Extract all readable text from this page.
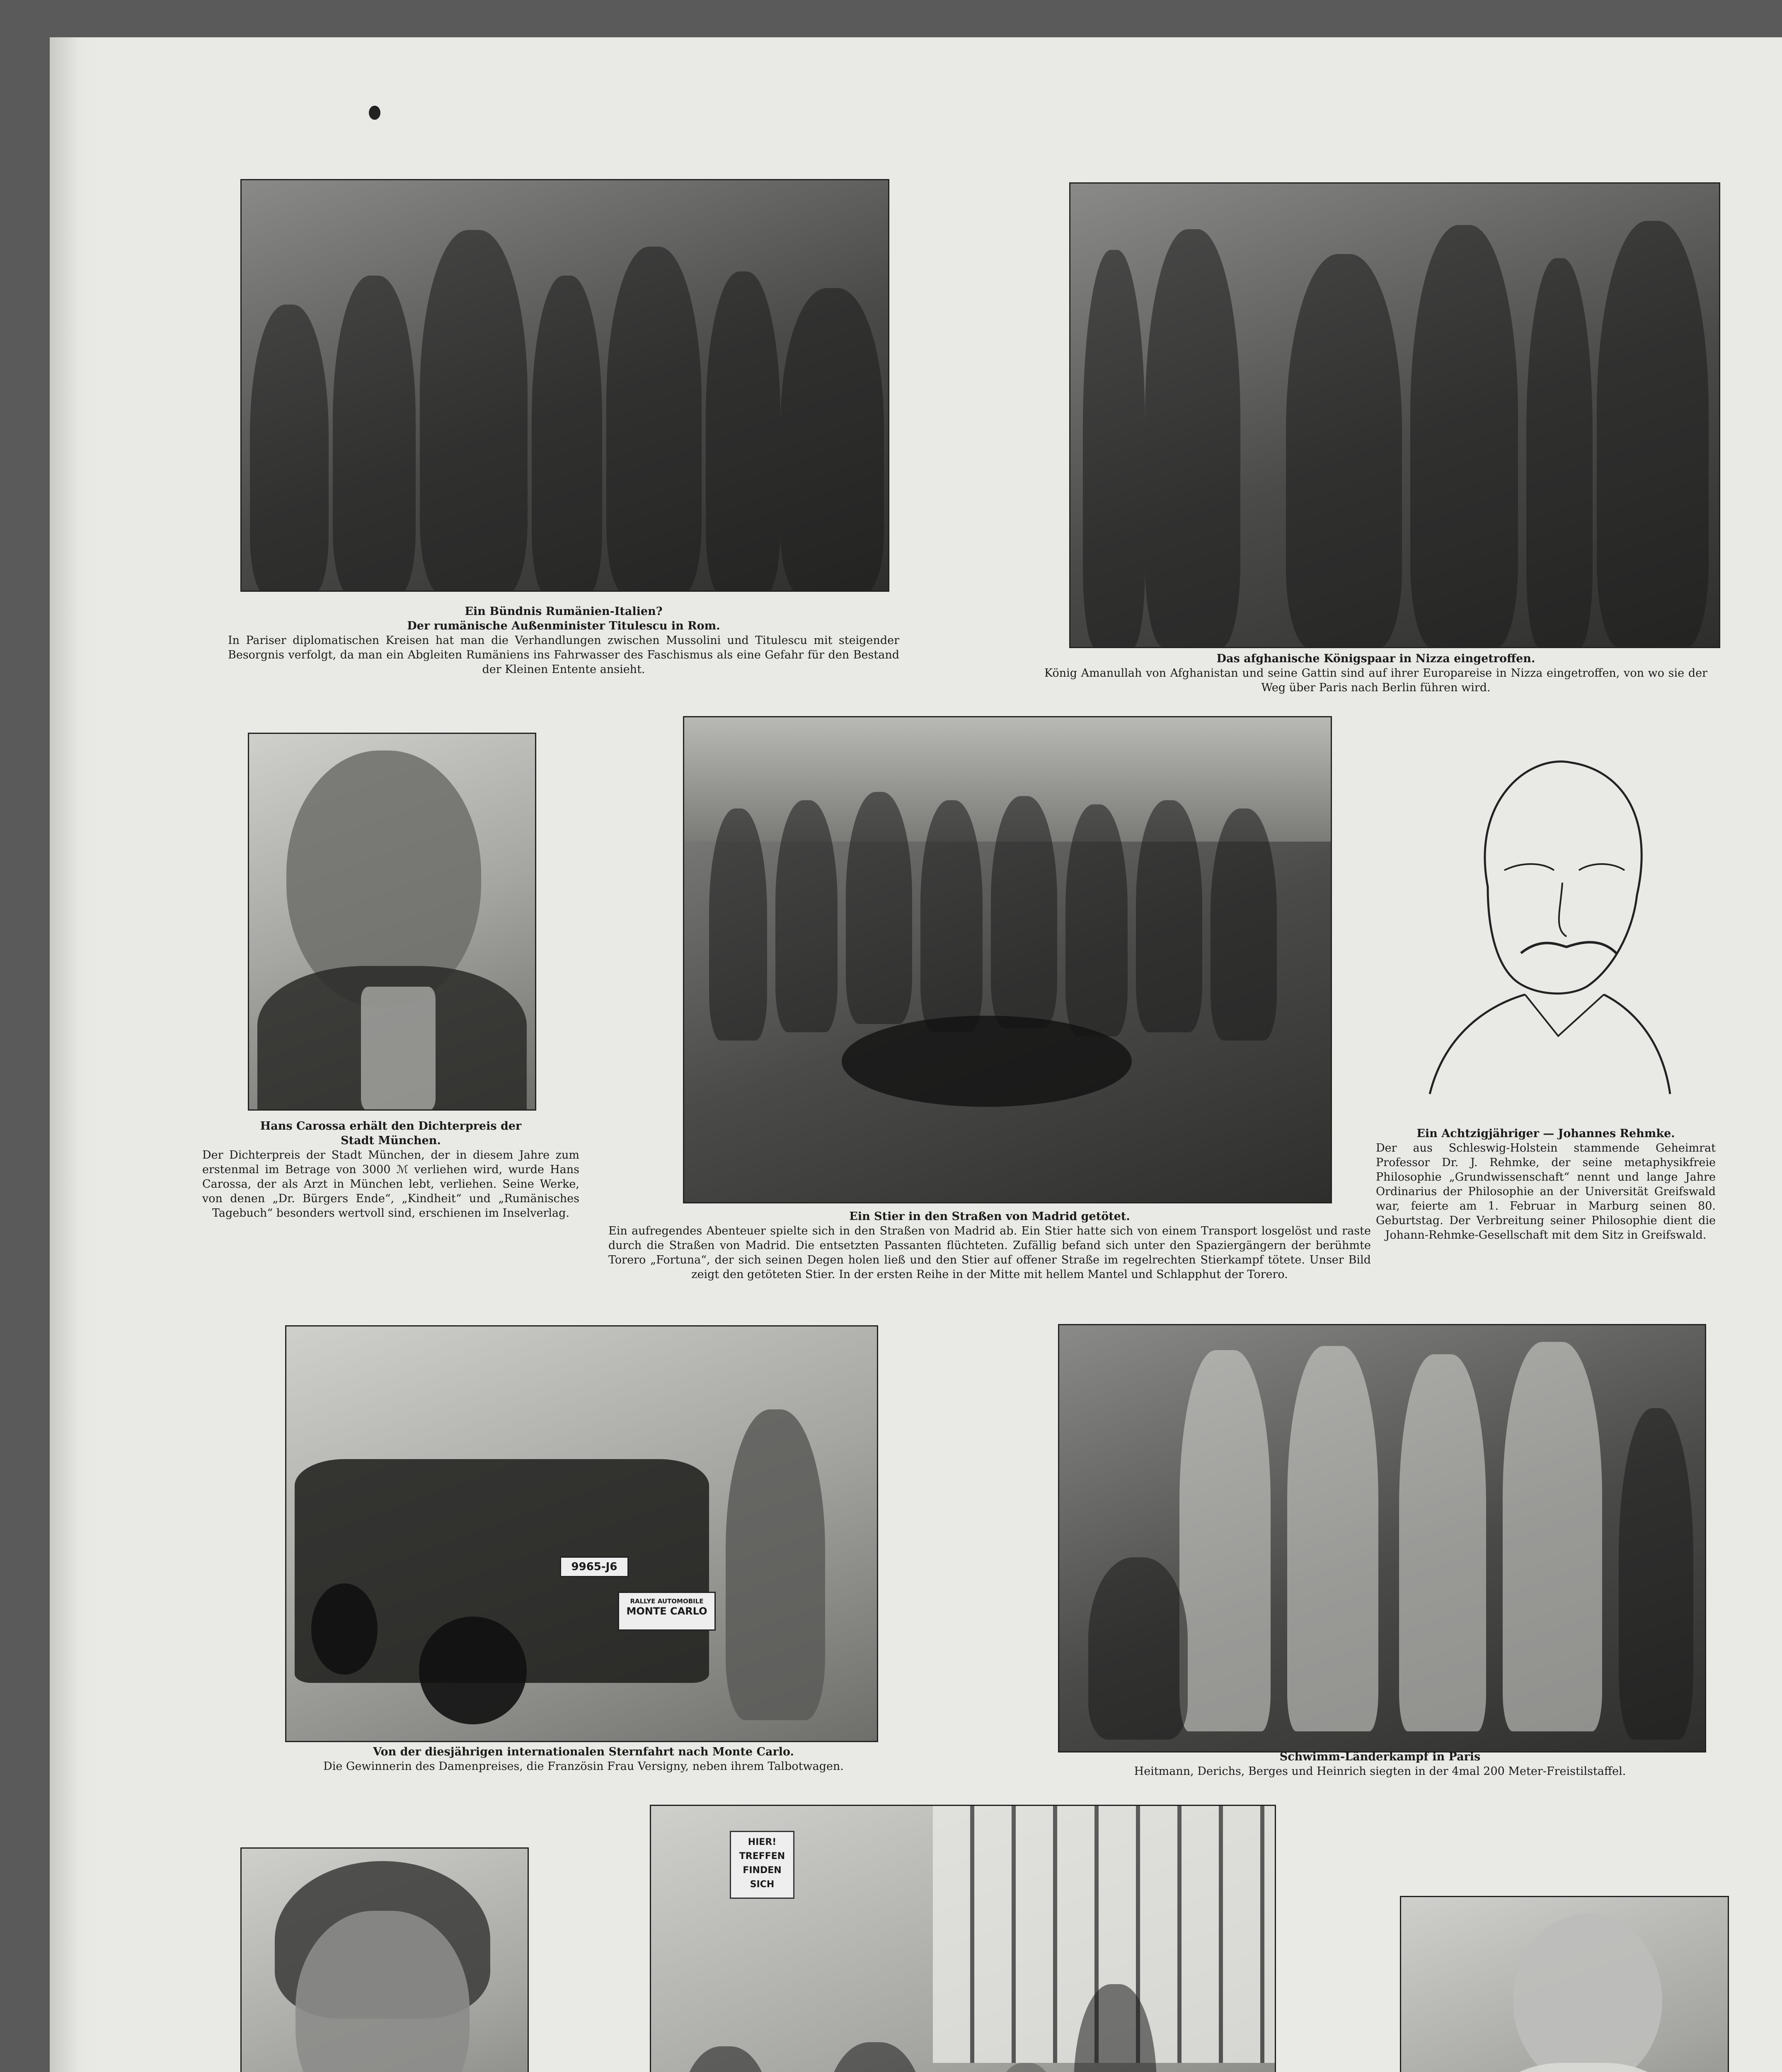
Ein Bündnis Rumänien-Italien?
Der rumänische Außenminister Titulescu in Rom.
In Pariser diplomatischen Kreisen hat man die Verhandlungen zwischen Mussolini und Titulescu mit steigender Besorgnis verfolgt, da man ein Abgleiten Rumäniens ins Fahrwasser des Faschismus als eine Gefahr für den Bestand der Kleinen Entente ansieht.
Das afghanische Königspaar in Nizza eingetroffen.
König Amanullah von Afghanistan und seine Gattin sind auf ihrer Europareise in Nizza eingetroffen, von wo sie der Weg über Paris nach Berlin führen wird.
Hans Carossa erhält den Dichterpreis der Stadt München.
Der Dichterpreis der Stadt München, der in diesem Jahre zum erstenmal im Betrage von 3000 ℳ verliehen wird, wurde Hans Carossa, der als Arzt in München lebt, verliehen. Seine Werke, von denen „Dr. Bürgers Ende“, „Kindheit“ und „Rumänisches Tagebuch“ besonders wertvoll sind, erschienen im Inselverlag.	Ein Stier in den Straßen von Madrid getötet.
Ein aufregendes Abenteuer spielte sich in den Straßen von Madrid ab. Ein Stier hatte sich von einem Transport losgelöst und raste durch die Straßen von Madrid. Die entsetzten Passanten flüchteten. Zufällig befand sich unter den Spaziergängern der berühmte Torero „Fortuna“, der sich seinen Degen holen ließ und den Stier auf offener Straße im regelrechten Stierkampf tötete. Unser Bild zeigt den getöteten Stier. In der ersten Reihe in der Mitte mit hellem Mantel und Schlapphut der Torero.
Ein Achtzigjähriger — Johannes Rehmke.
Der aus Schleswig-Holstein stammende Geheimrat Professor Dr. J. Rehmke, der seine metaphysikfreie Philosophie „Grundwissenschaft“ nennt und lange Jahre Ordinarius der Philosophie an der Universität Greifswald war, feierte am 1. Februar in Marburg seinen 80. Geburtstag. Der Verbreitung seiner Philosophie dient die Johann-Rehmke-Gesellschaft mit dem Sitz in Greifswald.
9965-J6
RALLYE AUTOMOBILE
MONTE CARLO
Von der diesjährigen internationalen Sternfahrt nach Monte Carlo.
Die Gewinnerin des Damenpreises, die Französin Frau Versigny, neben ihrem Talbotwagen.
Schwimm-Länderkampf in Paris
Heitmann, Derichs, Berges und Heinrich siegten in der 4mal 200 Meter-Freistilstaffel.
HIER! TREFFEN FINDEN SICH
